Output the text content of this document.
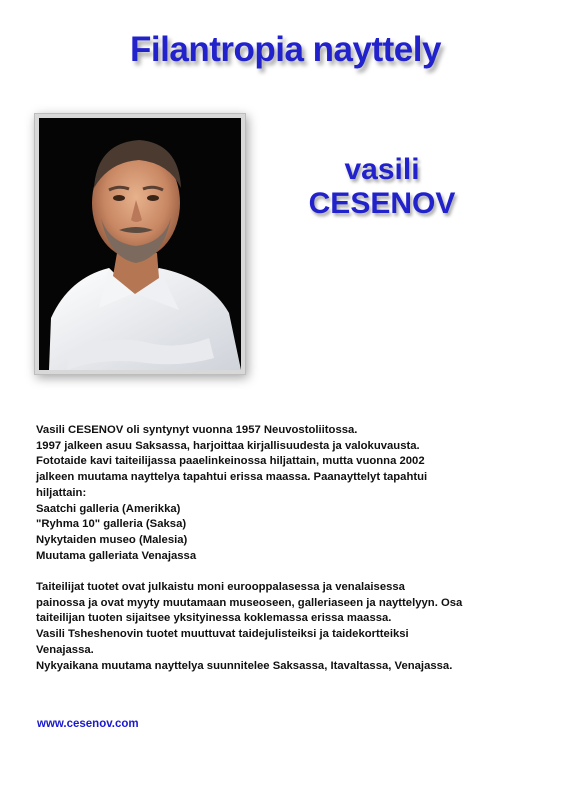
Filantropia nayttely
vasili
CESENOV
Vasili CESENOV oli syntynyt vuonna 1957 Neuvostoliitossa.
1997 jalkeen asuu Saksassa, harjoittaa kirjallisuudesta ja valokuvausta.
Fototaide kavi taiteilijassa paaelinkeinossa hiljattain, mutta vuonna 2002
jalkeen muutama nayttelya tapahtui erissa maassa. Paanayttelyt tapahtui
hiljattain:
Saatchi galleria (Amerikka)
"Ryhma 10" galleria (Saksa)
Nykytaiden museo (Malesia)
Muutama galleriata Venajassa
Taiteilijat tuotet ovat julkaistu moni eurooppalasessa ja venalaisessa
painossa ja ovat myyty muutamaan museoseen, galleriaseen ja nayttelyyn. Osa
taiteilijan tuoten sijaitsee yksityinessa koklemassa erissa maassa.
Vasili Tsheshenovin tuotet muuttuvat taidejulisteiksi ja taidekortteiksi
Venajassa.
Nykyaikana muutama nayttelya suunnitelee Saksassa, Itavaltassa, Venajassa.
www.cesenov.com
